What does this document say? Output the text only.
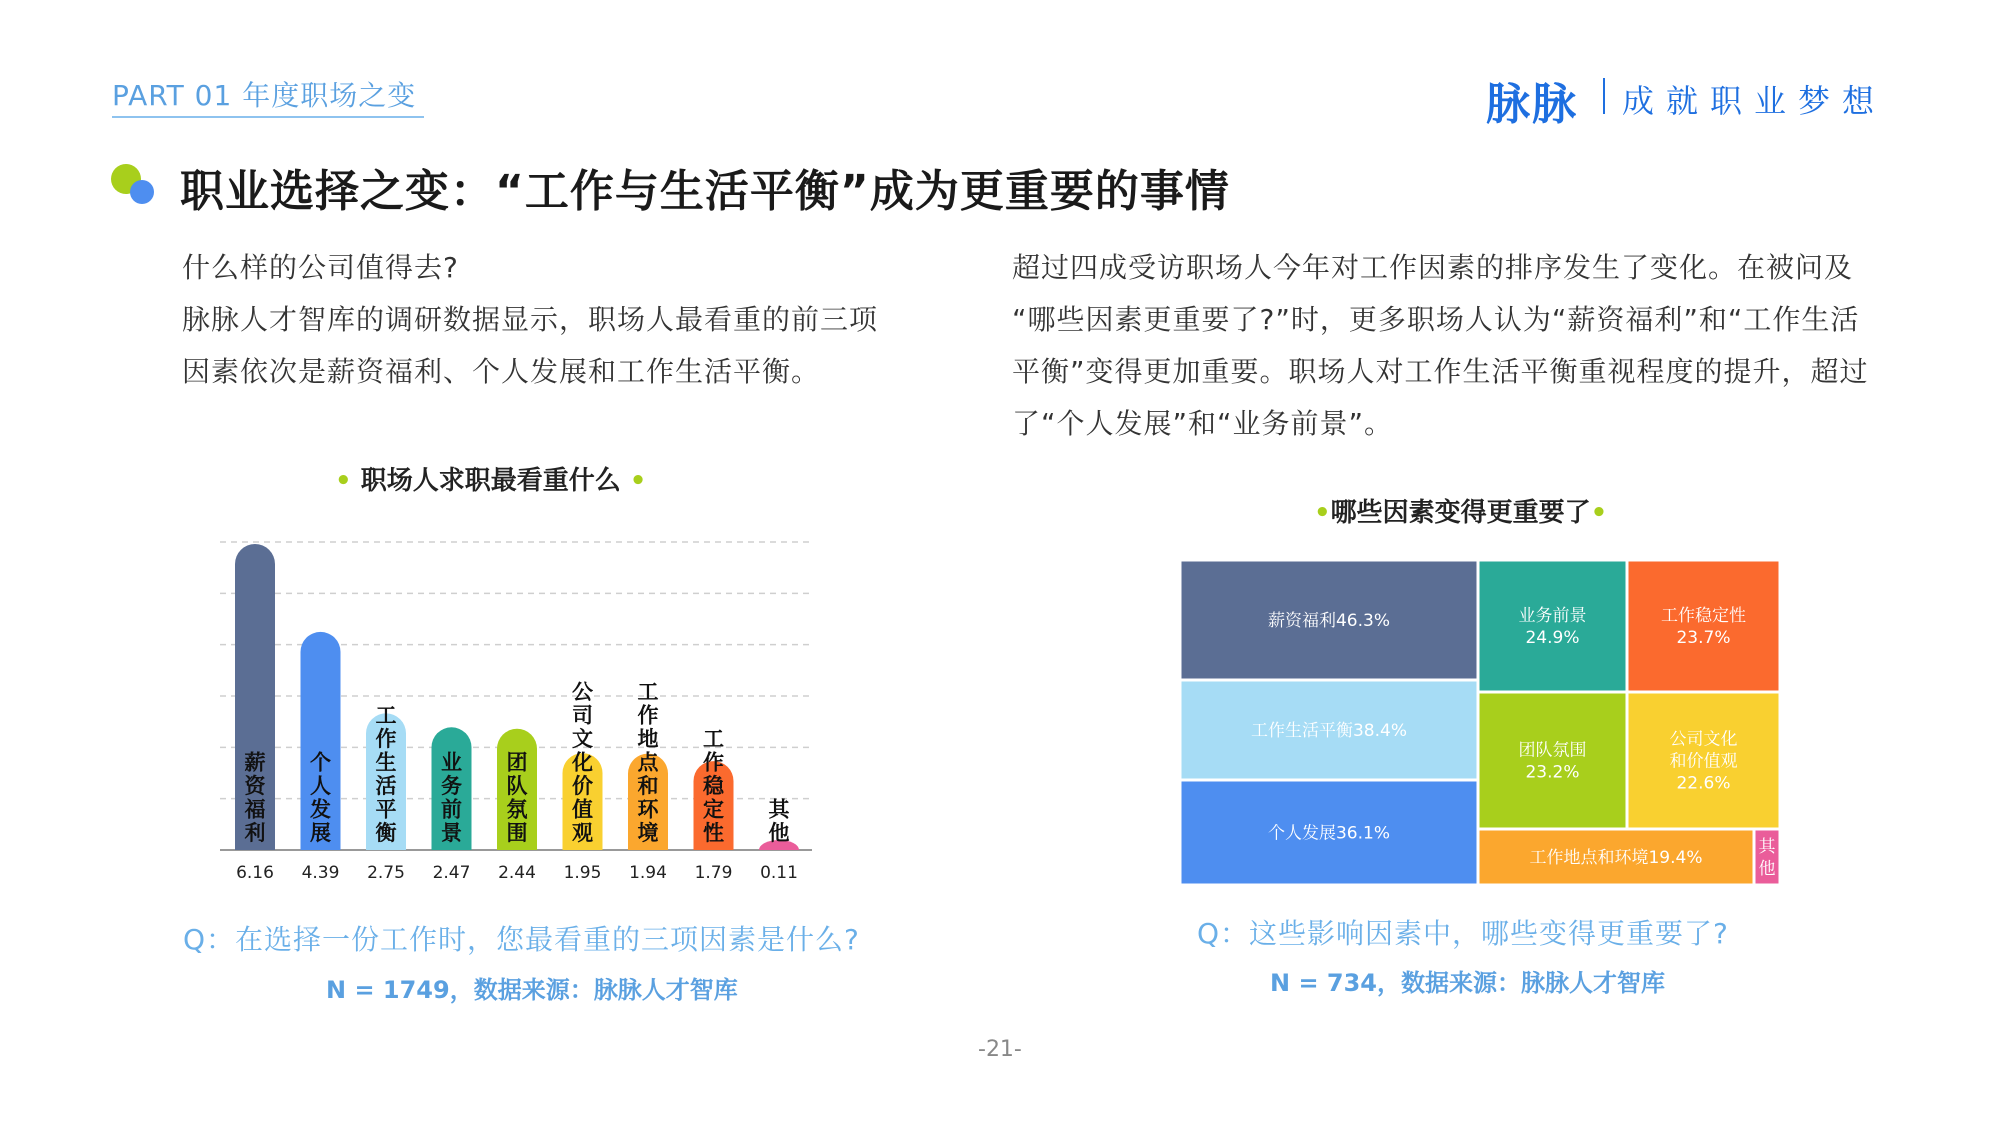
PART 01 年度职场之变	脉脉 成就职业梦想
职业选择之变：“工作与生活平衡”成为更重要的事情
什么样的公司值得去?
脉脉人才智库的调研数据显示，职场人最看重的前三项
因素依次是薪资福利、个人发展和工作生活平衡。
超过四成受访职场人今年对工作因素的排序发生了变化。在被问及
“哪些因素更重要了?”时，更多职场人认为“薪资福利”和“工作生活
平衡”变得更加重要。职场人对工作生活平衡重视程度的提升，超过
了“个人发展”和“业务前景”。
• 职场人求职最看重什么 •
•哪些因素变得更重要了•
薪资福利
6.16
个人发展
4.39
工作生活平衡
2.75
业务前景
2.47
团队氛围
2.44
公司文化价值观
1.95
工作地点和环境
1.94
工作稳定性
1.79
其他
0.11
薪资福利46.3%
工作生活平衡38.4%
个人发展36.1%
业务前景 24.9%
工作稳定性 23.7%
团队氛围 23.2%
公司文化和价值观 22.6%
工作地点和环境19.4%
其他
Q：在选择一份工作时，您最看重的三项因素是什么?
N = 1749，数据来源：脉脉人才智库
Q：这些影响因素中，哪些变得更重要了?
N = 734，数据来源：脉脉人才智库
-21-
